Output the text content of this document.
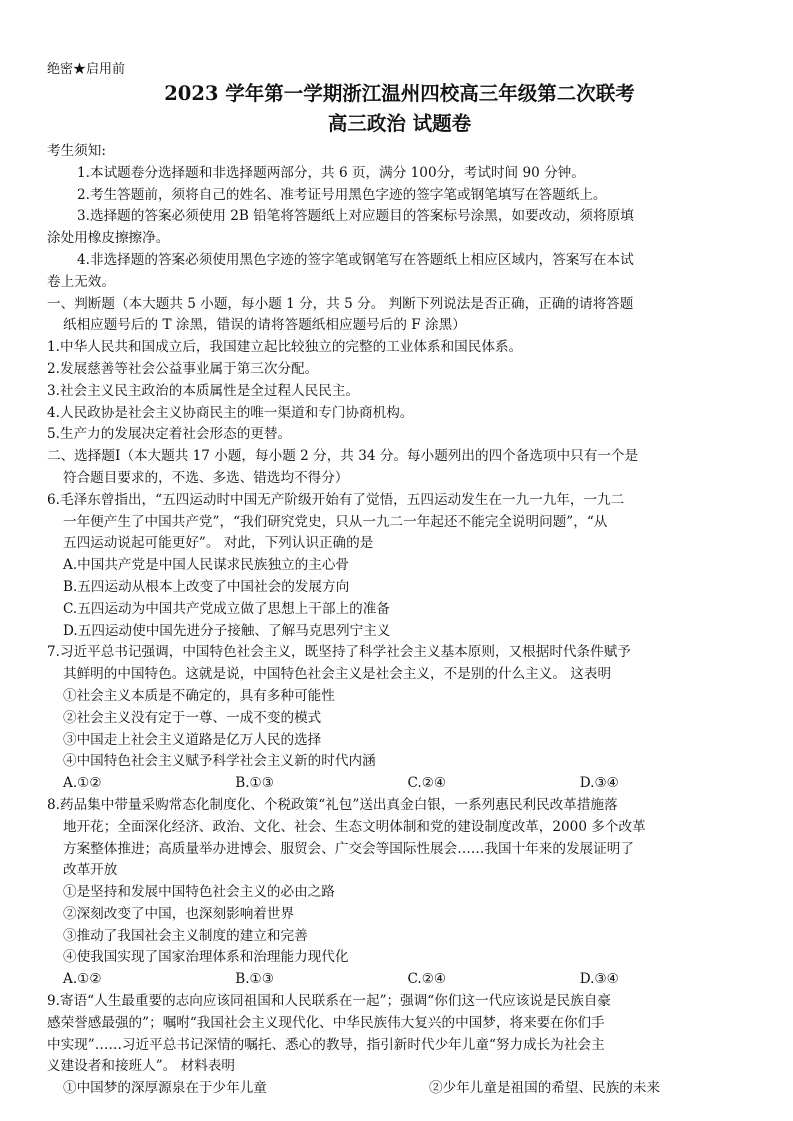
绝密★启用前
2023 学年第一学期浙江温州四校高三年级第二次联考
高三政治 试题卷
考生须知:
1.本试题卷分选择题和非选择题两部分，共 6 页，满分 100分，考试时间 90 分钟。
2.考生答题前，须将自己的姓名、准考证号用黑色字迹的签字笔或钢笔填写在答题纸上。
3.选择题的答案必须使用 2B 铅笔将答题纸上对应题目的答案标号涂黑，如要改动，须将原填
涂处用橡皮擦擦净。
4.非选择题的答案必须使用黑色字迹的签字笔或钢笔写在答题纸上相应区域内，答案写在本试
卷上无效。
一、判断题（本大题共 5 小题，每小题 1 分，共 5 分。 判断下列说法是否正确，正确的请将答题
纸相应题号后的 T 涂黑，错误的请将答题纸相应题号后的 F 涂黑）
1.中华人民共和国成立后，我国建立起比较独立的完整的工业体系和国民体系。
2.发展慈善等社会公益事业属于第三次分配。
3.社会主义民主政治的本质属性是全过程人民民主。
4.人民政协是社会主义协商民主的唯一渠道和专门协商机构。
5.生产力的发展决定着社会形态的更替。
二、选择题Ⅰ（本大题共 17 小题，每小题 2 分，共 34 分。每小题列出的四个备选项中只有一个是
符合题目要求的，不选、多选、错选均不得分）
6.毛泽东曾指出，“五四运动时中国无产阶级开始有了觉悟，五四运动发生在一九一九年，一九二
一年便产生了中国共产党”，“我们研究党史，只从一九二一年起还不能完全说明问题”，“从
五四运动说起可能更好”。 对此，下列认识正确的是
A.中国共产党是中国人民谋求民族独立的主心骨
B.五四运动从根本上改变了中国社会的发展方向
C.五四运动为中国共产党成立做了思想上干部上的准备
D.五四运动使中国先进分子接触、了解马克思列宁主义
7.习近平总书记强调，中国特色社会主义，既坚持了科学社会主义基本原则，又根据时代条件赋予
其鲜明的中国特色。这就是说，中国特色社会主义是社会主义，不是别的什么主义。 这表明
①社会主义本质是不确定的，具有多种可能性
②社会主义没有定于一尊、一成不变的模式
③中国走上社会主义道路是亿万人民的选择
④中国特色社会主义赋予科学社会主义新的时代内涵
A.①②	B.①③	C.②④	D.③④
8.药品集中带量采购常态化制度化、个税政策“礼包”送出真金白银，一系列惠民利民改革措施落
地开花；全面深化经济、政治、文化、社会、生态文明体制和党的建设制度改革，2000 多个改革
方案整体推进；高质量举办进博会、服贸会、广交会等国际性展会……我国十年来的发展证明了
改革开放
①是坚持和发展中国特色社会主义的必由之路
②深刻改变了中国，也深刻影响着世界
③推动了我国社会主义制度的建立和完善
④使我国实现了国家治理体系和治理能力现代化
A.①②	B.①③	C.②④	D.③④
9.寄语“人生最重要的志向应该同祖国和人民联系在一起”；强调“你们这一代应该说是民族自豪
感荣誉感最强的”；嘱咐“我国社会主义现代化、中华民族伟大复兴的中国梦，将来要在你们手
中实现”……习近平总书记深情的嘱托、悉心的教导，指引新时代少年儿童“努力成长为社会主
义建设者和接班人”。 材料表明
①中国梦的深厚源泉在于少年儿童	②少年儿童是祖国的希望、民族的未来
